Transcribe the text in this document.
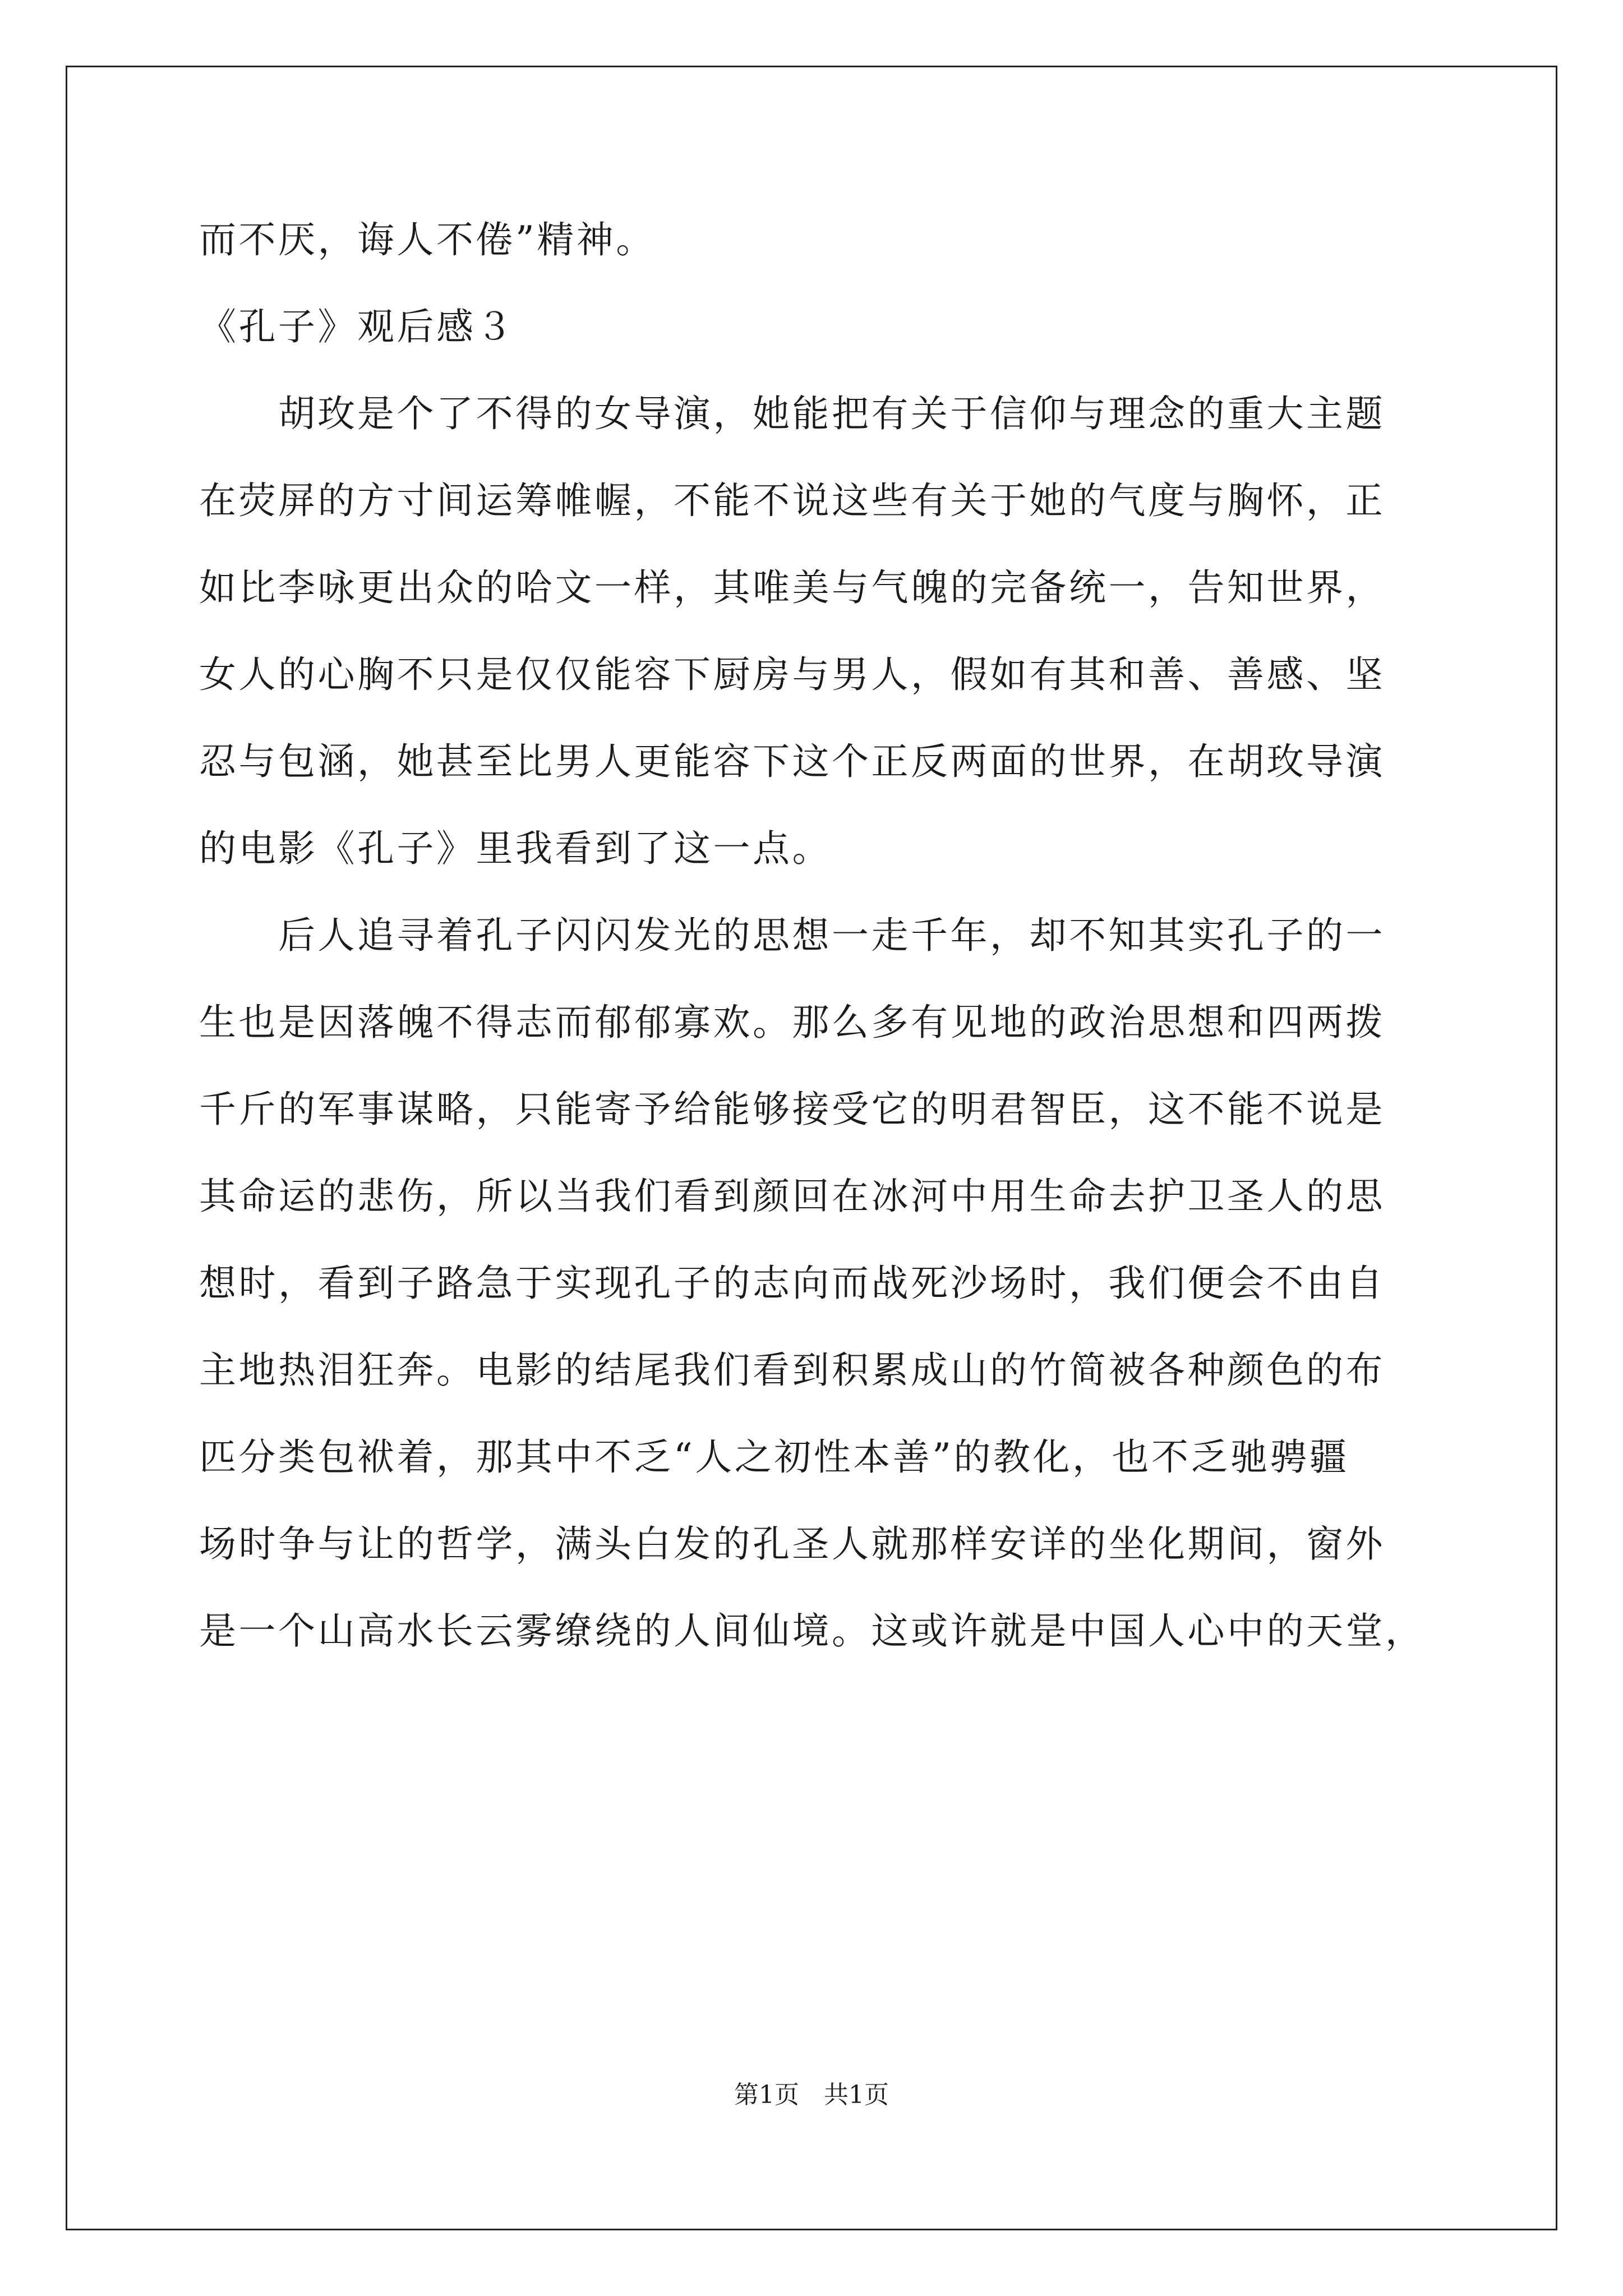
而不厌，诲人不倦”精神。
《孔子》观后感３
　　胡玫是个了不得的女导演，她能把有关于信仰与理念的重大主题
在荧屏的方寸间运筹帷幄，不能不说这些有关于她的气度与胸怀，正
如比李咏更出众的哈文一样，其唯美与气魄的完备统一，告知世界，
女人的心胸不只是仅仅能容下厨房与男人，假如有其和善、善感、坚
忍与包涵，她甚至比男人更能容下这个正反两面的世界，在胡玫导演
的电影《孔子》里我看到了这一点。
　　后人追寻着孔子闪闪发光的思想一走千年，却不知其实孔子的一
生也是因落魄不得志而郁郁寡欢。那么多有见地的政治思想和四两拨
千斤的军事谋略，只能寄予给能够接受它的明君智臣，这不能不说是
其命运的悲伤，所以当我们看到颜回在冰河中用生命去护卫圣人的思
想时，看到子路急于实现孔子的志向而战死沙场时，我们便会不由自
主地热泪狂奔。电影的结尾我们看到积累成山的竹简被各种颜色的布
匹分类包袱着，那其中不乏“人之初性本善”的教化，也不乏驰骋疆
场时争与让的哲学，满头白发的孔圣人就那样安详的坐化期间，窗外
是一个山高水长云雾缭绕的人间仙境。这或许就是中国人心中的天堂，
第1页　共1页
